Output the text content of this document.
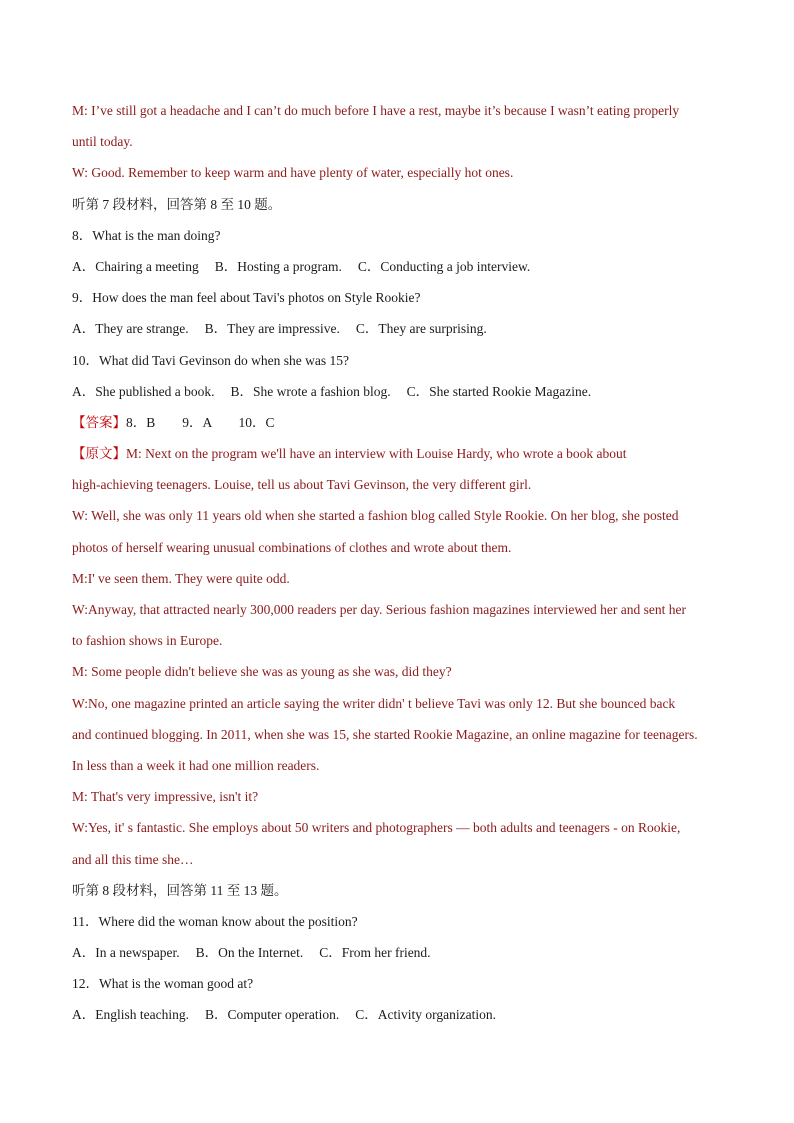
M: I’ve still got a headache and I can’t do much before I have a rest, maybe it’s because I wasn’t eating properly
until today.
W: Good. Remember to keep warm and have plenty of water, especially hot ones.
听第 7 段材料，回答第 8 至 10 题。
8．What is the man doing?
A．Chairing a meeting B．Hosting a program. C．Conducting a job interview.
9．How does the man feel about Tavi's photos on Style Rookie?
A．They are strange. B．They are impressive. C．They are surprising.
10．What did Tavi Gevinson do when she was 15?
A．She published a book. B．She wrote a fashion blog. C．She started Rookie Magazine.
【答案】8．B　　9．A　　10．C
【原文】M: Next on the program we'll have an interview with Louise Hardy, who wrote a book about
high-achieving teenagers. Louise, tell us about Tavi Gevinson, the very different girl.
W: Well, she was only 11 years old when she started a fashion blog called Style Rookie. On her blog, she posted
photos of herself wearing unusual combinations of clothes and wrote about them.
M:I' ve seen them. They were quite odd.
W:Anyway, that attracted nearly 300,000 readers per day. Serious fashion magazines interviewed her and sent her
to fashion shows in Europe.
M: Some people didn't believe she was as young as she was, did they?
W:No, one magazine printed an article saying the writer didn' t believe Tavi was only 12. But she bounced back
and continued blogging. In 2011, when she was 15, she started Rookie Magazine, an online magazine for teenagers.
In less than a week it had one million readers.
M: That's very impressive, isn't it?
W:Yes, it' s fantastic. She employs about 50 writers and photographers — both adults and teenagers - on Rookie,
and all this time she…
听第 8 段材料，回答第 11 至 13 题。
11．Where did the woman know about the position?
A．In a newspaper. B．On the Internet. C．From her friend.
12．What is the woman good at?
A．English teaching. B．Computer operation. C．Activity organization.
